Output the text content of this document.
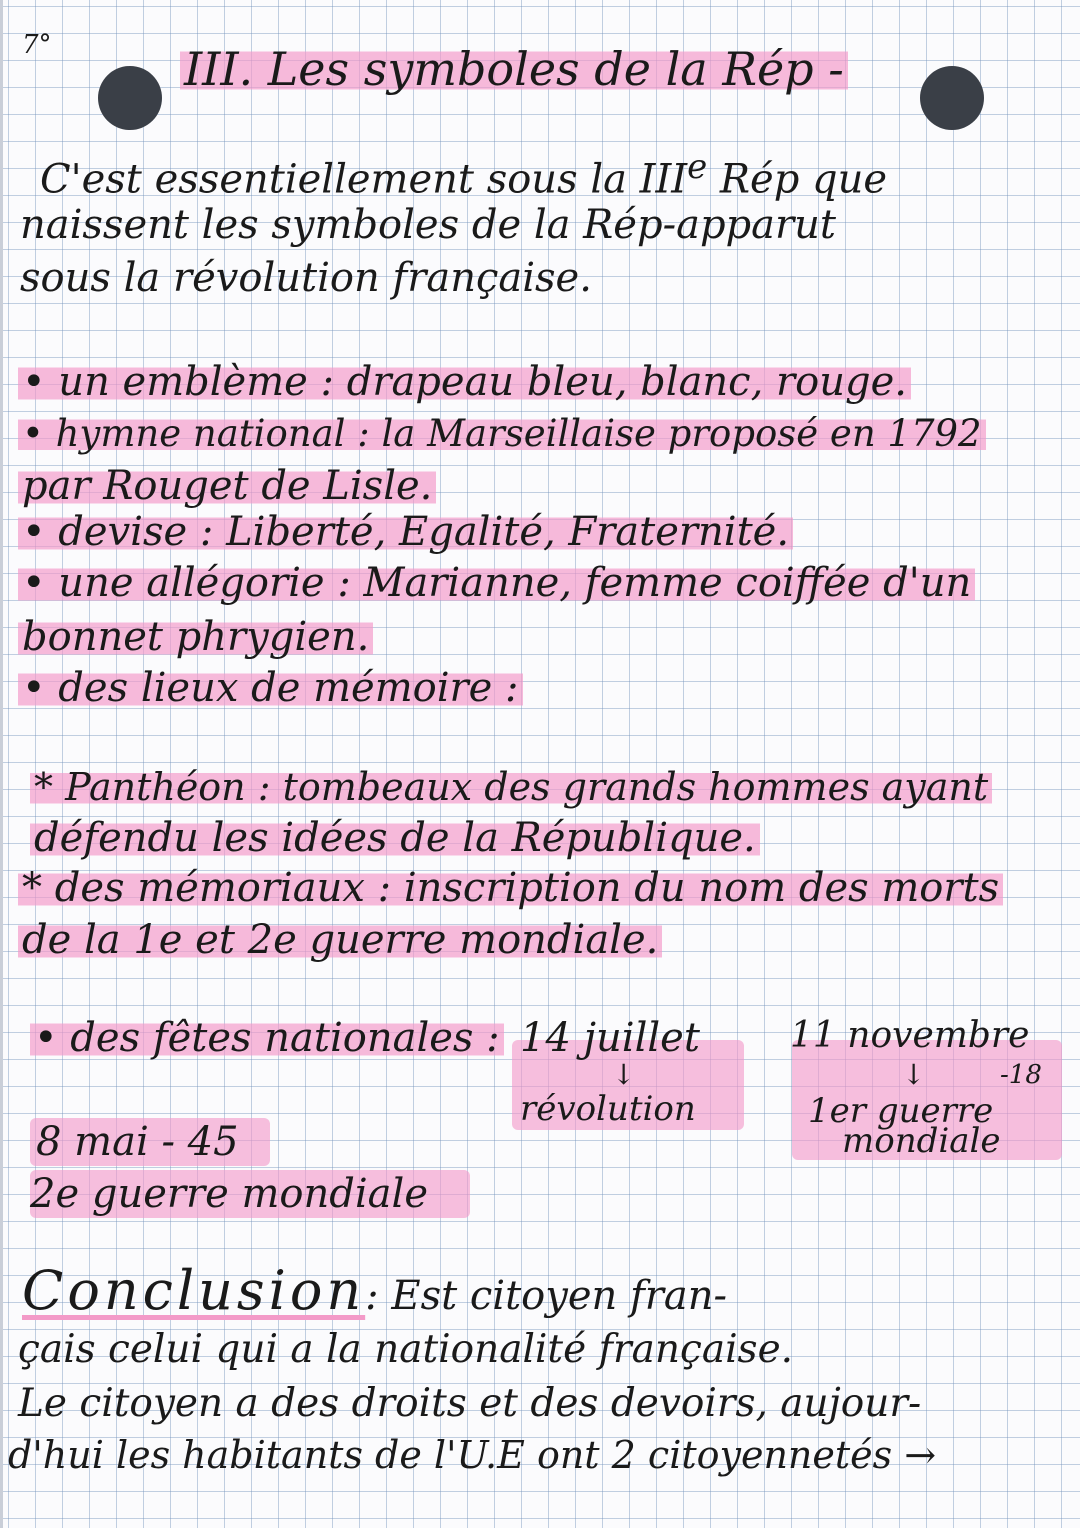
7°	III. Les symboles de la Rép -
C'est essentiellement sous la IIIe Rép que
naissent les symboles de la Rép-apparut
sous la révolution française.
• un emblème : drapeau bleu, blanc, rouge.
• hymne national : la Marseillaise proposé en 1792
par Rouget de Lisle.
• devise : Liberté, Egalité, Fraternité.
• une allégorie : Marianne, femme coiffée d'un
bonnet phrygien.
• des lieux de mémoire :
* Panthéon : tombeaux des grands hommes ayant
défendu les idées de la République.
* des mémoriaux : inscription du nom des morts
de la 1e et 2e guerre mondiale.
• des fêtes nationales : 14 juillet
↓
révolution
11 novembre
↓	-18
1er guerre
mondiale
8 mai - 45
2e guerre mondiale
Conclusion: Est citoyen fran-
çais celui qui a la nationalité française.
Le citoyen a des droits et des devoirs, aujour-
d'hui les habitants de l'U.E ont 2 citoyennetés →
